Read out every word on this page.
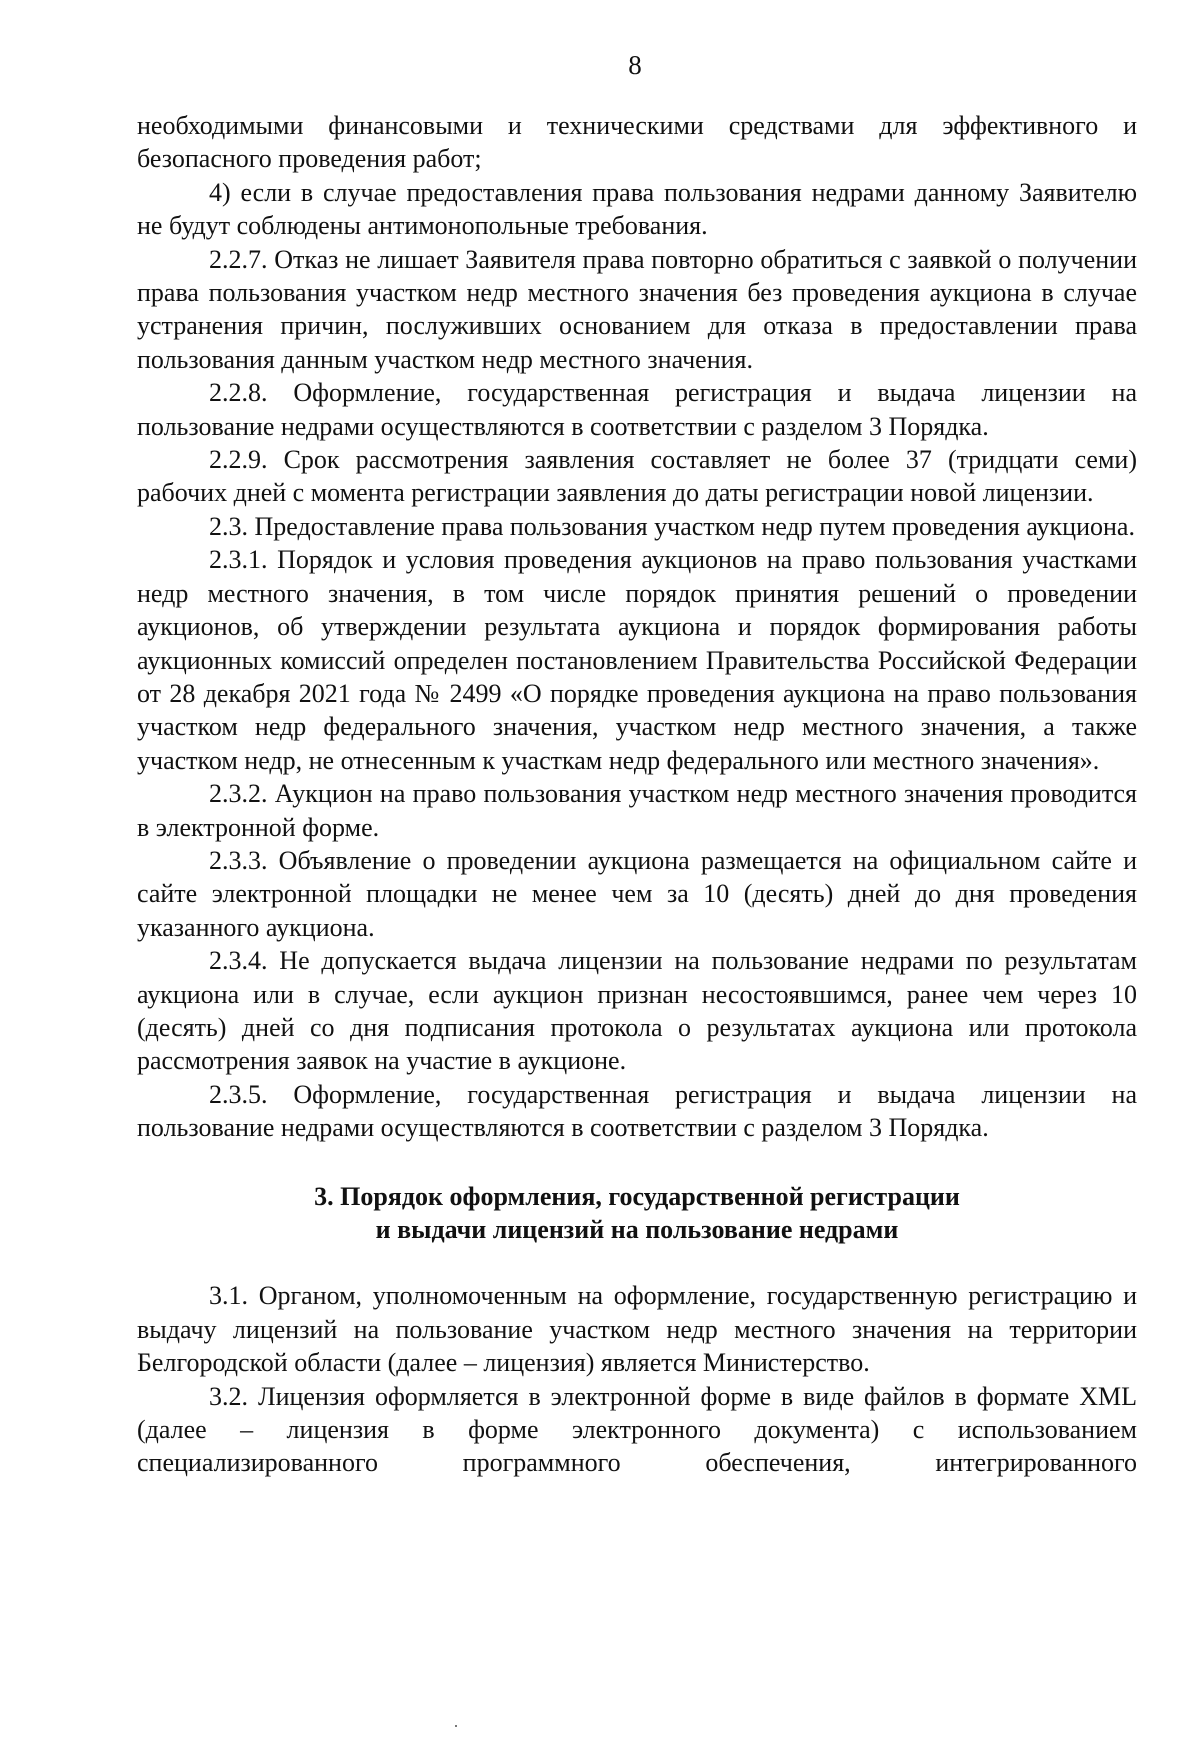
8

необходимыми финансовыми и техническими средствами для эффективного и безопасного проведения работ;

4) если в случае предоставления права пользования недрами данному Заявителю не будут соблюдены антимонопольные требования.

2.2.7. Отказ не лишает Заявителя права повторно обратиться с заявкой о получении права пользования участком недр местного значения без проведения аукциона в случае устранения причин, послуживших основанием для отказа в предоставлении права пользования данным участком недр местного значения.

2.2.8. Оформление, государственная регистрация и выдача лицензии на пользование недрами осуществляются в соответствии с разделом 3 Порядка.

2.2.9. Срок рассмотрения заявления составляет не более 37 (тридцати семи) рабочих дней с момента регистрации заявления до даты регистрации новой лицензии.

2.3. Предоставление права пользования участком недр путем проведения аукциона.

2.3.1. Порядок и условия проведения аукционов на право пользования участками недр местного значения, в том числе порядок принятия решений о проведении аукционов, об утверждении результата аукциона и порядок формирования работы аукционных комиссий определен постановлением Правительства Российской Федерации от 28 декабря 2021 года № 2499 «О порядке проведения аукциона на право пользования участком недр федерального значения, участком недр местного значения, а также участком недр, не отнесенным к участкам недр федерального или местного значения».

2.3.2. Аукцион на право пользования участком недр местного значения проводится в электронной форме.

2.3.3. Объявление о проведении аукциона размещается на официальном сайте и сайте электронной площадки не менее чем за 10 (десять) дней до дня проведения указанного аукциона.

2.3.4. Не допускается выдача лицензии на пользование недрами по результатам аукциона или в случае, если аукцион признан несостоявшимся, ранее чем через 10 (десять) дней со дня подписания протокола о результатах аукциона или протокола рассмотрения заявок на участие в аукционе.

2.3.5. Оформление, государственная регистрация и выдача лицензии на пользование недрами осуществляются в соответствии с разделом 3 Порядка.

3. Порядок оформления, государственной регистрации
и выдачи лицензий на пользование недрами

3.1. Органом, уполномоченным на оформление, государственную регистрацию и выдачу лицензий на пользование участком недр местного значения на территории Белгородской области (далее – лицензия) является Министерство.

3.2. Лицензия оформляется в электронной форме в виде файлов в формате XML (далее – лицензия в форме электронного документа) с использованием специализированного программного обеспечения, интегрированного
